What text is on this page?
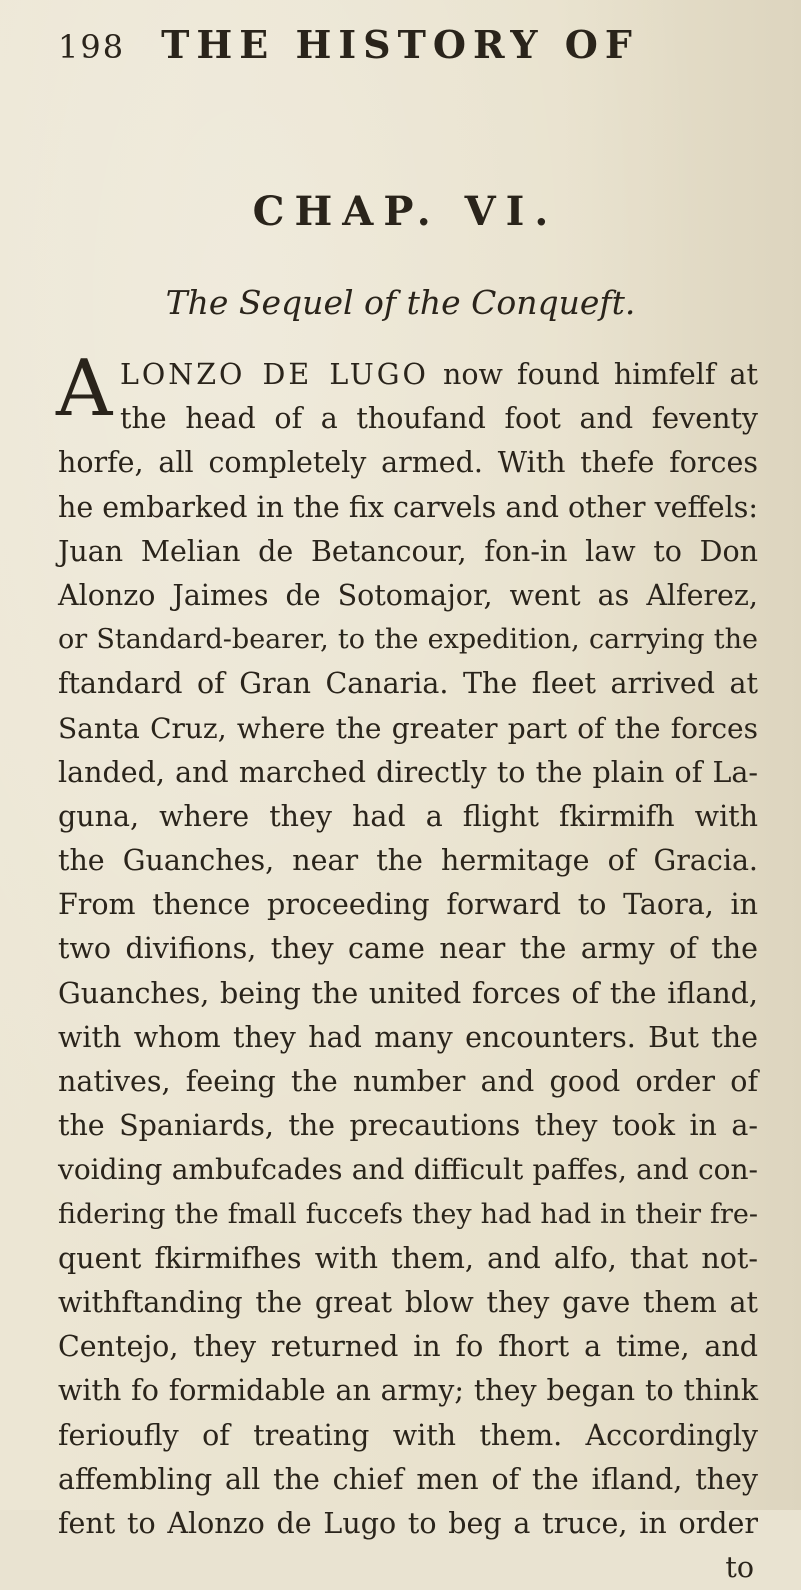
198 THE HISTORY OF
CHAP. VI.
The Sequel of the Conqueft.
A LONZO DE LUGO now found himfelf at
the head of a thoufand foot and feventy
horfe, all completely armed. With thefe forces
he embarked in the fix carvels and other veffels:
Juan Melian de Betancour, fon-in law to Don
Alonzo Jaimes de Sotomajor, went as Alferez,
or Standard-bearer, to the expedition, carrying the
ftandard of Gran Canaria. The fleet arrived at
Santa Cruz, where the greater part of the forces
landed, and marched directly to the plain of La-
guna, where they had a flight fkirmifh with
the Guanches, near the hermitage of Gracia.
From thence proceeding forward to Taora, in
two divifions, they came near the army of the
Guanches, being the united forces of the ifland,
with whom they had many encounters. But the
natives, feeing the number and good order of
the Spaniards, the precautions they took in a-
voiding ambufcades and difficult paffes, and con-
fidering the fmall fuccefs they had had in their fre-
quent fkirmifhes with them, and alfo, that not-
withftanding the great blow they gave them at
Centejo, they returned in fo fhort a time, and
with fo formidable an army; they began to think
ferioufly of treating with them. Accordingly
affembling all the chief men of the ifland, they
fent to Alonzo de Lugo to beg a truce, in order
to
